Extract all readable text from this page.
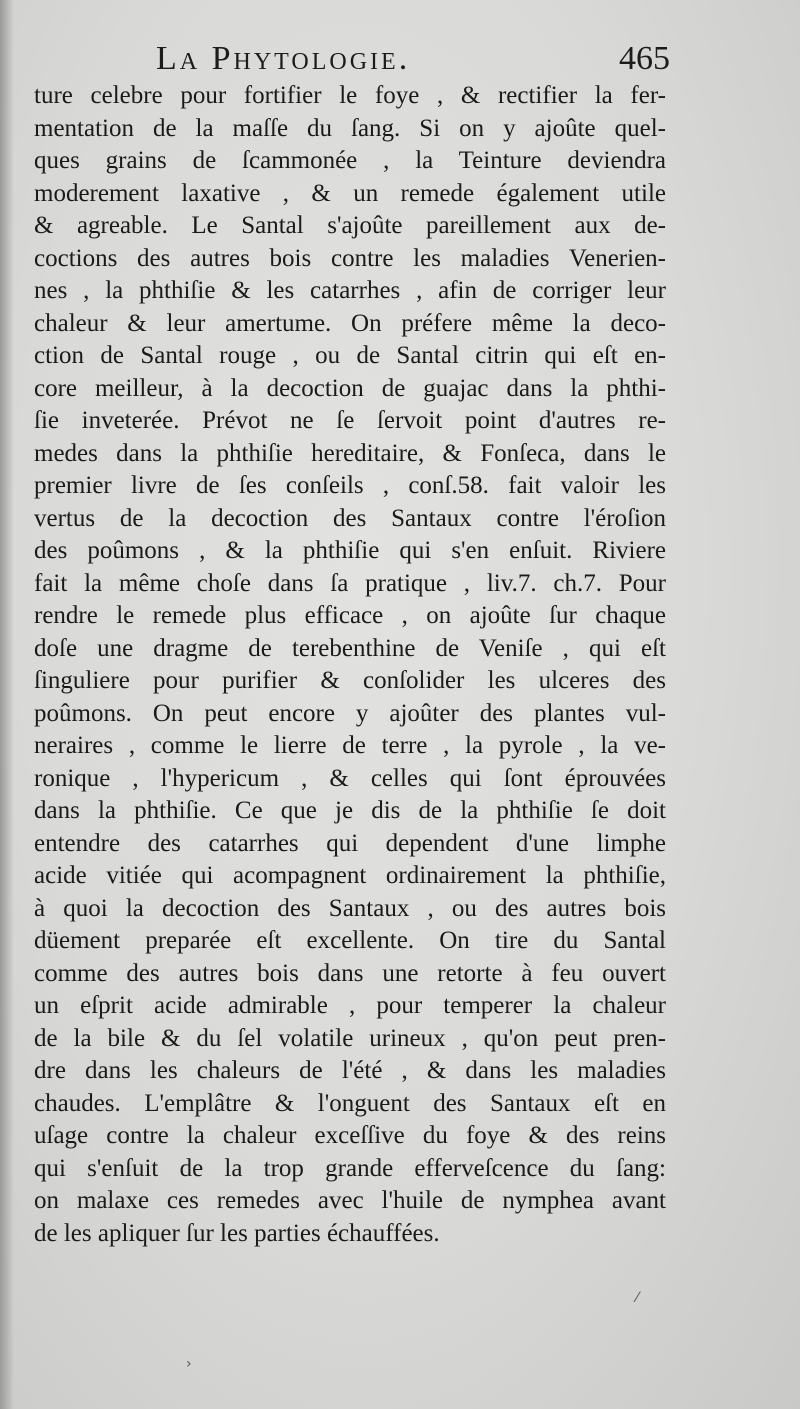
La Phytologie.	465
ture celebre pour fortifier le foye , & rectifier la fer-
mentation de la maſſe du ſang. Si on y ajoûte quel-
ques grains de ſcammonée , la Teinture deviendra
moderement laxative , & un remede également utile
& agreable. Le Santal s'ajoûte pareillement aux de-
coctions des autres bois contre les maladies Venerien-
nes , la phthiſie & les catarrhes , afin de corriger leur
chaleur & leur amertume. On préfere même la deco-
ction de Santal rouge , ou de Santal citrin qui eſt en-
core meilleur, à la decoction de guajac dans la phthi-
ſie inveterée. Prévot ne ſe ſervoit point d'autres re-
medes dans la phthiſie hereditaire, & Fonſeca, dans le
premier livre de ſes conſeils , conſ.58. fait valoir les
vertus de la decoction des Santaux contre l'éroſion
des poûmons , & la phthiſie qui s'en enſuit. Riviere
fait la même choſe dans ſa pratique , liv.7. ch.7. Pour
rendre le remede plus efficace , on ajoûte ſur chaque
doſe une dragme de terebenthine de Veniſe , qui eſt
ſinguliere pour purifier & conſolider les ulceres des
poûmons. On peut encore y ajoûter des plantes vul-
neraires , comme le lierre de terre , la pyrole , la ve-
ronique , l'hypericum , & celles qui ſont éprouvées
dans la phthiſie. Ce que je dis de la phthiſie ſe doit
entendre des catarrhes qui dependent d'une limphe
acide vitiée qui acompagnent ordinairement la phthiſie,
à quoi la decoction des Santaux , ou des autres bois
düement preparée eſt excellente. On tire du Santal
comme des autres bois dans une retorte à feu ouvert
un eſprit acide admirable , pour temperer la chaleur
de la bile & du ſel volatile urineux , qu'on peut pren-
dre dans les chaleurs de l'été , & dans les maladies
chaudes. L'emplâtre & l'onguent des Santaux eſt en
uſage contre la chaleur exceſſive du foye & des reins
qui s'enſuit de la trop grande efferveſcence du ſang:
on malaxe ces remedes avec l'huile de nymphea avant
de les apliquer ſur les parties échauffées.
›
⁄
